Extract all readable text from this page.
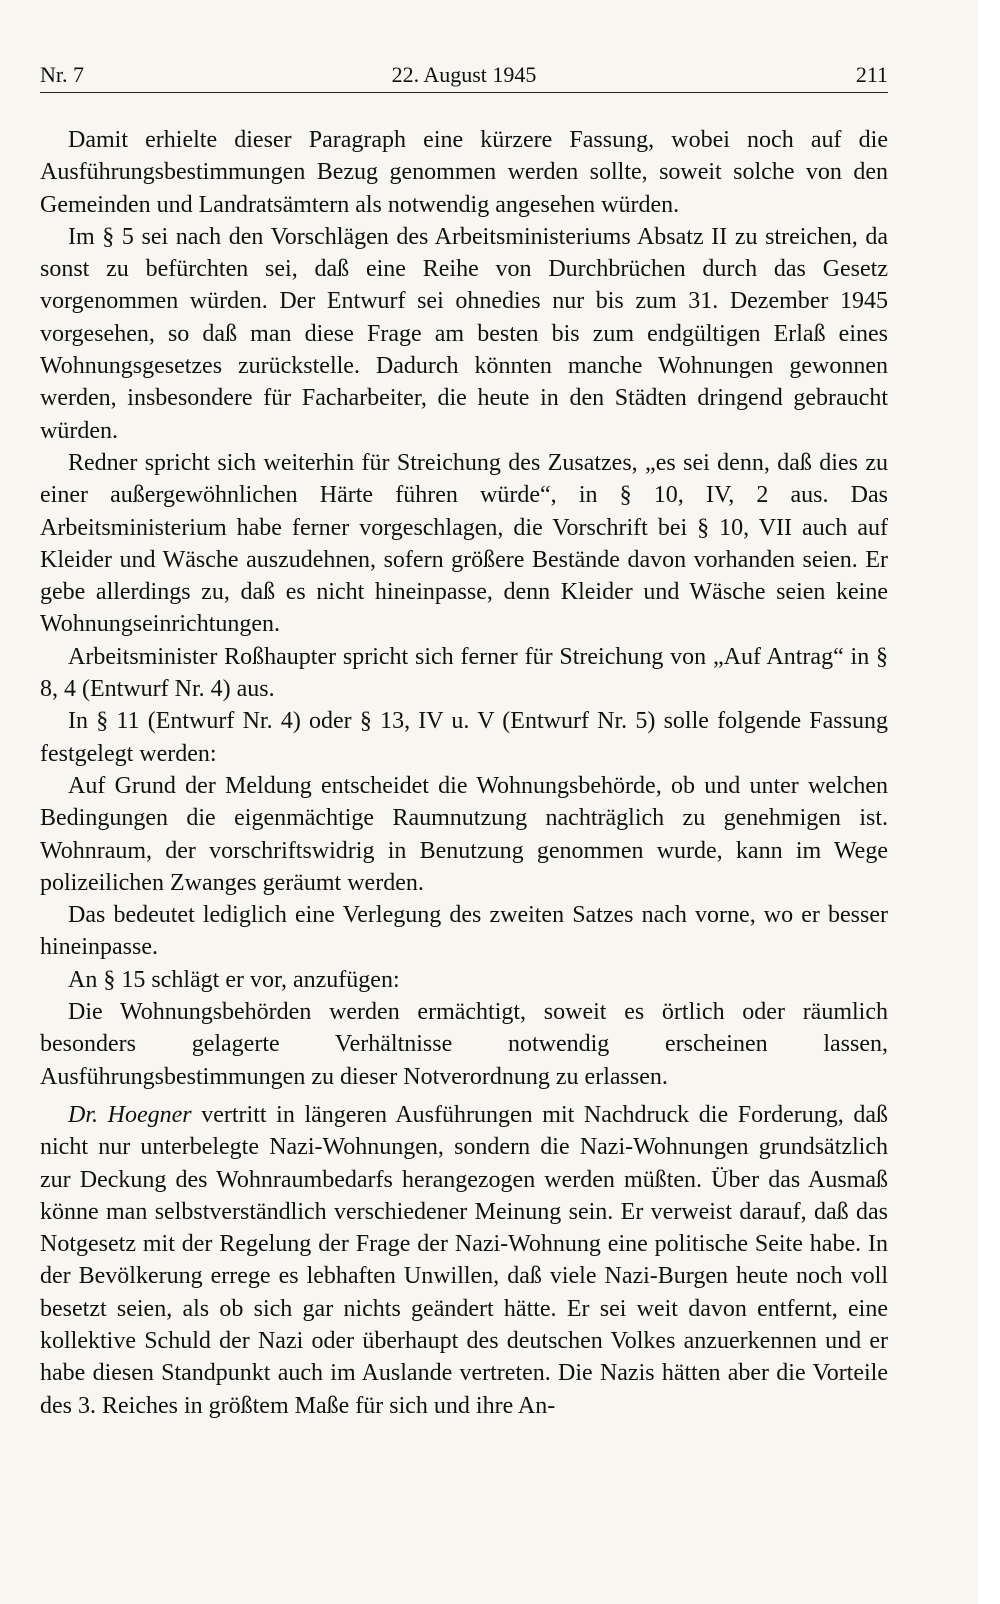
Nr. 7	22. August 1945	211

Damit erhielte dieser Paragraph eine kürzere Fassung, wobei noch auf die Ausführungsbestimmungen Bezug genommen werden sollte, soweit solche von den Gemeinden und Landratsämtern als notwendig angesehen würden.

Im § 5 sei nach den Vorschlägen des Arbeitsministeriums Absatz II zu streichen, da sonst zu befürchten sei, daß eine Reihe von Durchbrüchen durch das Gesetz vorgenommen würden. Der Entwurf sei ohnedies nur bis zum 31. Dezember 1945 vorgesehen, so daß man diese Frage am besten bis zum endgültigen Erlaß eines Wohnungsgesetzes zurückstelle. Dadurch könnten manche Wohnungen gewonnen werden, insbesondere für Facharbeiter, die heute in den Städten dringend gebraucht würden.

Redner spricht sich weiterhin für Streichung des Zusatzes, „es sei denn, daß dies zu einer außergewöhnlichen Härte führen würde“, in § 10, IV, 2 aus. Das Arbeitsministerium habe ferner vorgeschlagen, die Vorschrift bei § 10, VII auch auf Kleider und Wäsche auszudehnen, sofern größere Bestände davon vorhanden seien. Er gebe allerdings zu, daß es nicht hineinpasse, denn Kleider und Wäsche seien keine Wohnungseinrichtungen.

Arbeitsminister Roßhaupter spricht sich ferner für Streichung von „Auf Antrag“ in § 8, 4 (Entwurf Nr. 4) aus.

In § 11 (Entwurf Nr. 4) oder § 13, IV u. V (Entwurf Nr. 5) solle folgende Fassung festgelegt werden:

Auf Grund der Meldung entscheidet die Wohnungsbehörde, ob und unter welchen Bedingungen die eigenmächtige Raumnutzung nachträglich zu genehmigen ist. Wohnraum, der vorschriftswidrig in Benutzung genommen wurde, kann im Wege polizeilichen Zwanges geräumt werden.

Das bedeutet lediglich eine Verlegung des zweiten Satzes nach vorne, wo er besser hineinpasse.

An § 15 schlägt er vor, anzufügen:

Die Wohnungsbehörden werden ermächtigt, soweit es örtlich oder räumlich besonders gelagerte Verhältnisse notwendig erscheinen lassen, Ausführungsbestimmungen zu dieser Notverordnung zu erlassen.

Dr. Hoegner vertritt in längeren Ausführungen mit Nachdruck die Forderung, daß nicht nur unterbelegte Nazi-Wohnungen, sondern die Nazi-Wohnungen grundsätzlich zur Deckung des Wohnraumbedarfs herangezogen werden müßten. Über das Ausmaß könne man selbstverständlich verschiedener Meinung sein. Er verweist darauf, daß das Notgesetz mit der Regelung der Frage der Nazi-Wohnung eine politische Seite habe. In der Bevölkerung errege es lebhaften Unwillen, daß viele Nazi-Burgen heute noch voll besetzt seien, als ob sich gar nichts geändert hätte. Er sei weit davon entfernt, eine kollektive Schuld der Nazi oder überhaupt des deutschen Volkes anzuerkennen und er habe diesen Standpunkt auch im Auslande vertreten. Die Nazis hätten aber die Vorteile des 3. Reiches in größtem Maße für sich und ihre An-
